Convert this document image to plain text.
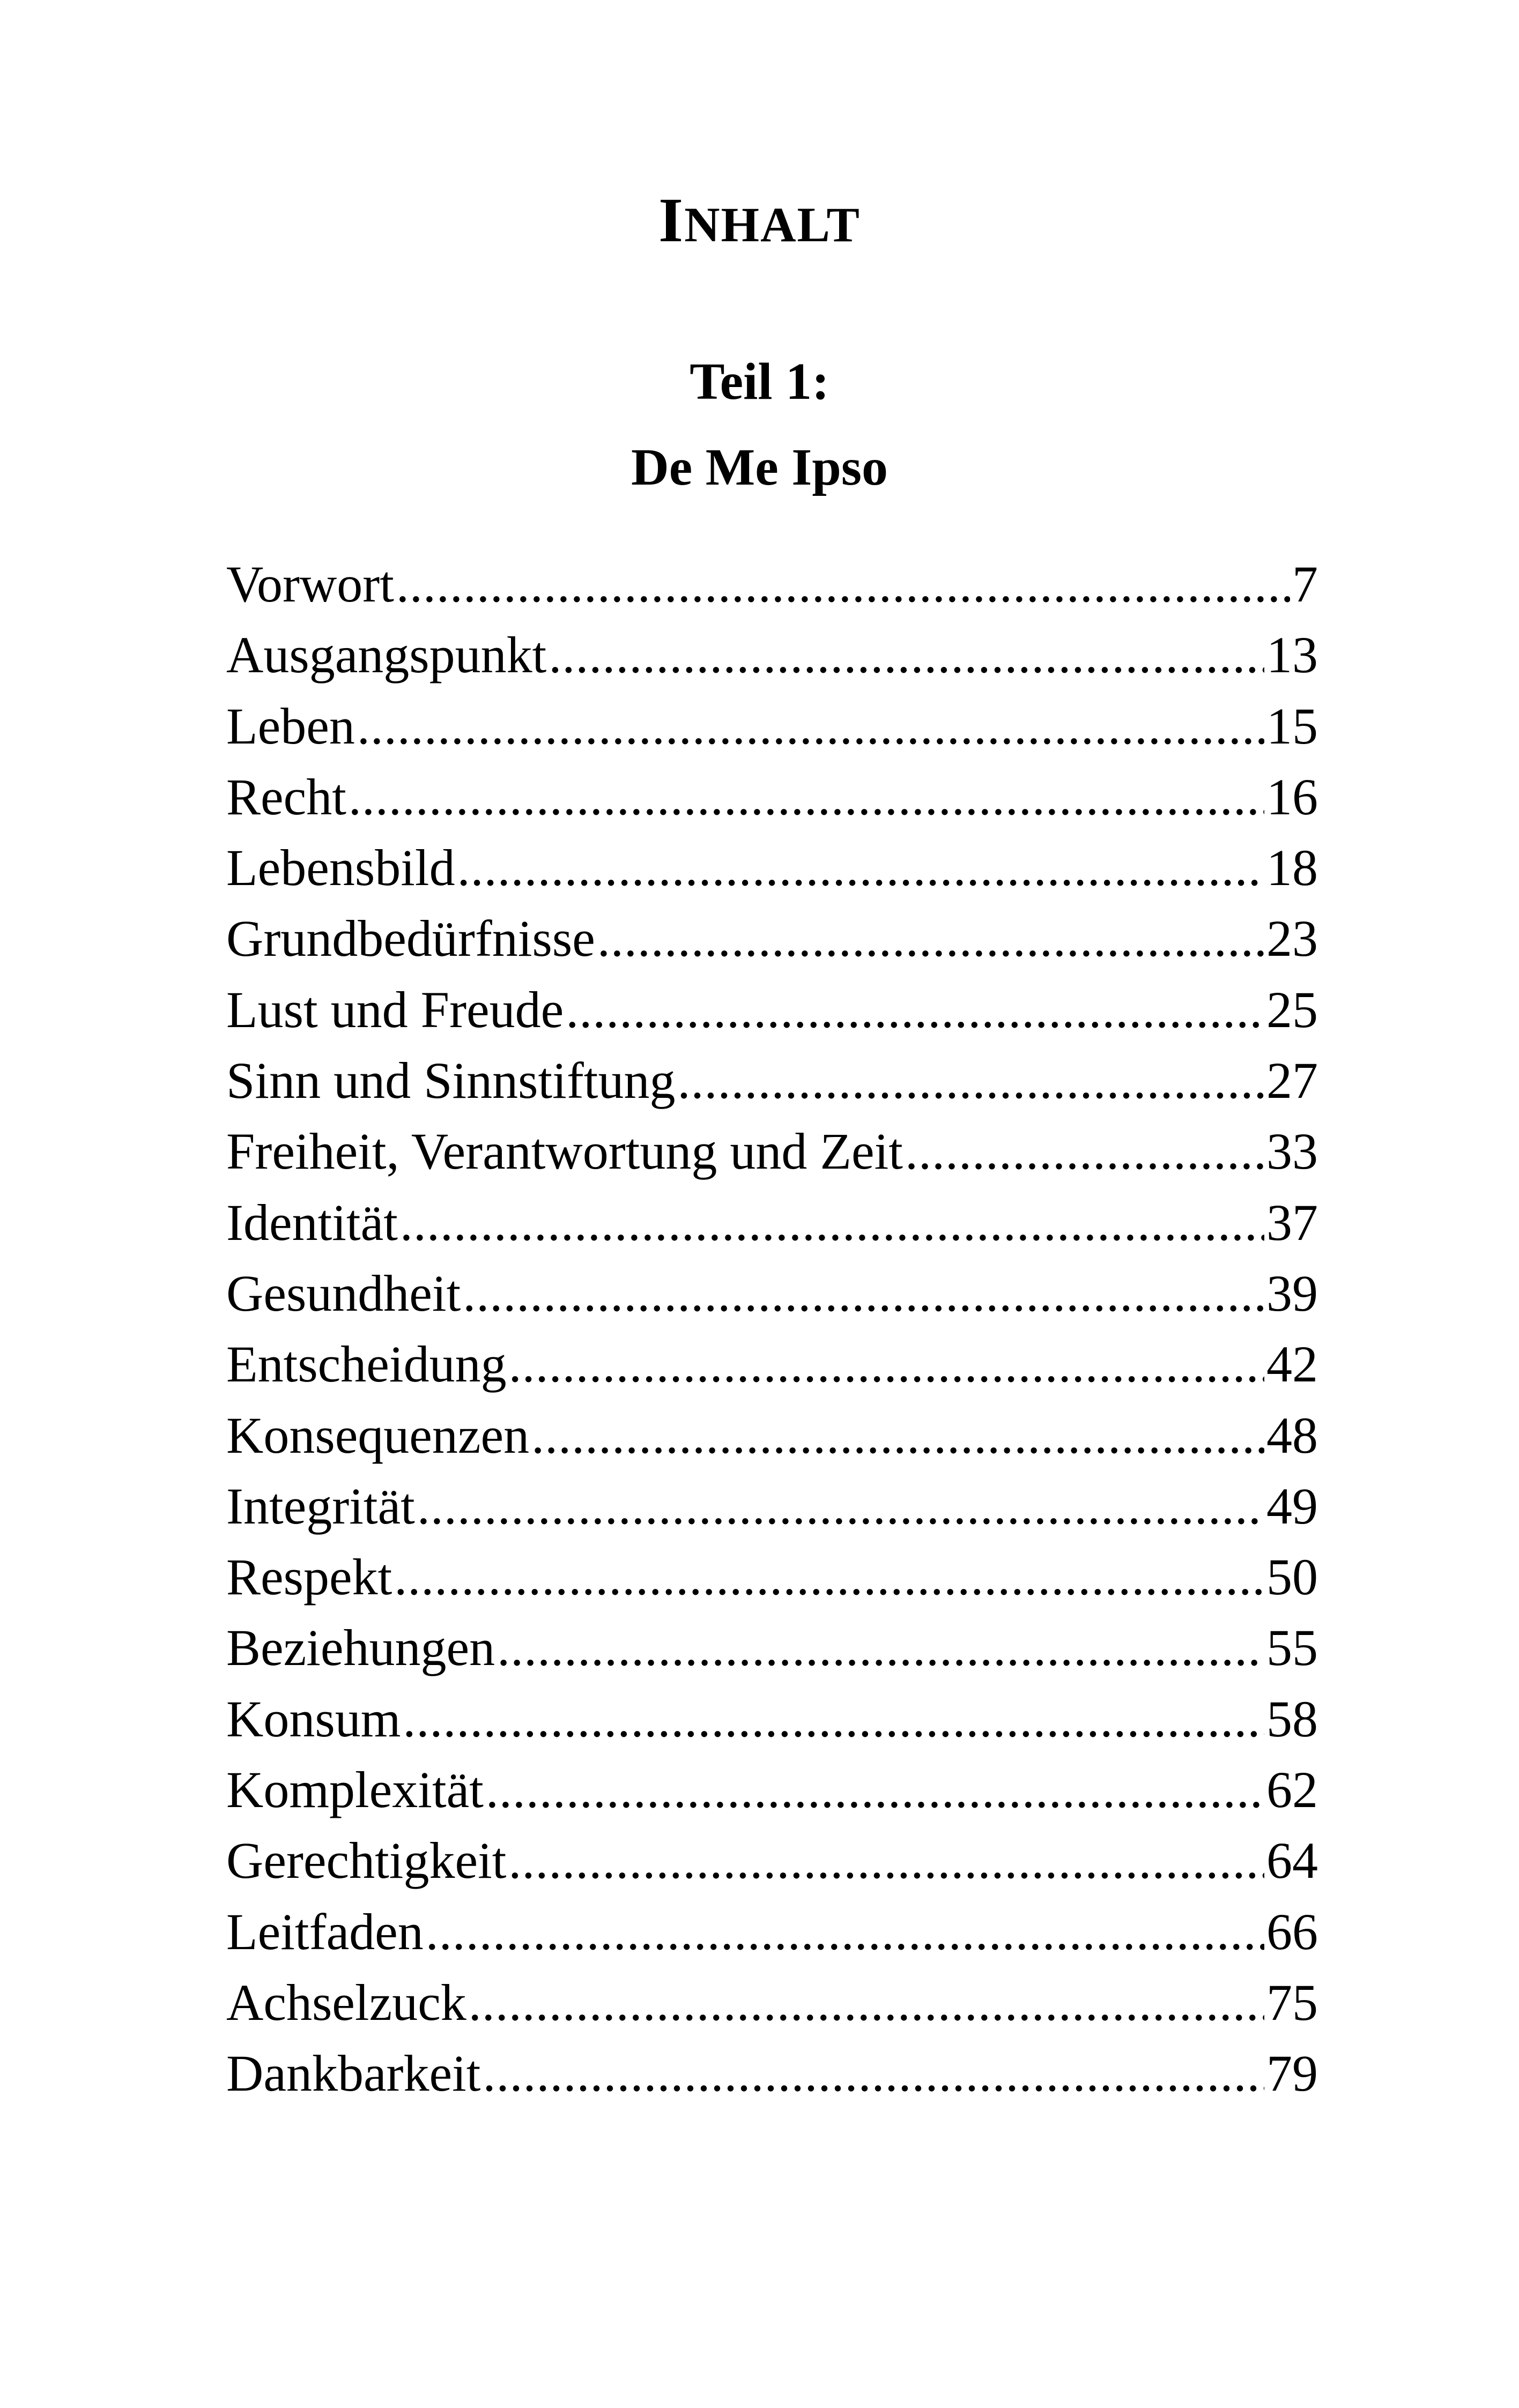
INHALT
Teil 1:
De Me Ipso
Vorwort .....	7
Ausgangspunkt .....	13
Leben .....	15
Recht .....	16
Lebensbild .....	18
Grundbedürfnisse .....	23
Lust und Freude .....	25
Sinn und Sinnstiftung .....	27
Freiheit, Verantwortung und Zeit .....	33
Identität .....	37
Gesundheit .....	39
Entscheidung .....	42
Konsequenzen .....	48
Integrität .....	49
Respekt .....	50
Beziehungen .....	55
Konsum .....	58
Komplexität .....	62
Gerechtigkeit .....	64
Leitfaden .....	66
Achselzuck .....	75
Dankbarkeit .....	79
